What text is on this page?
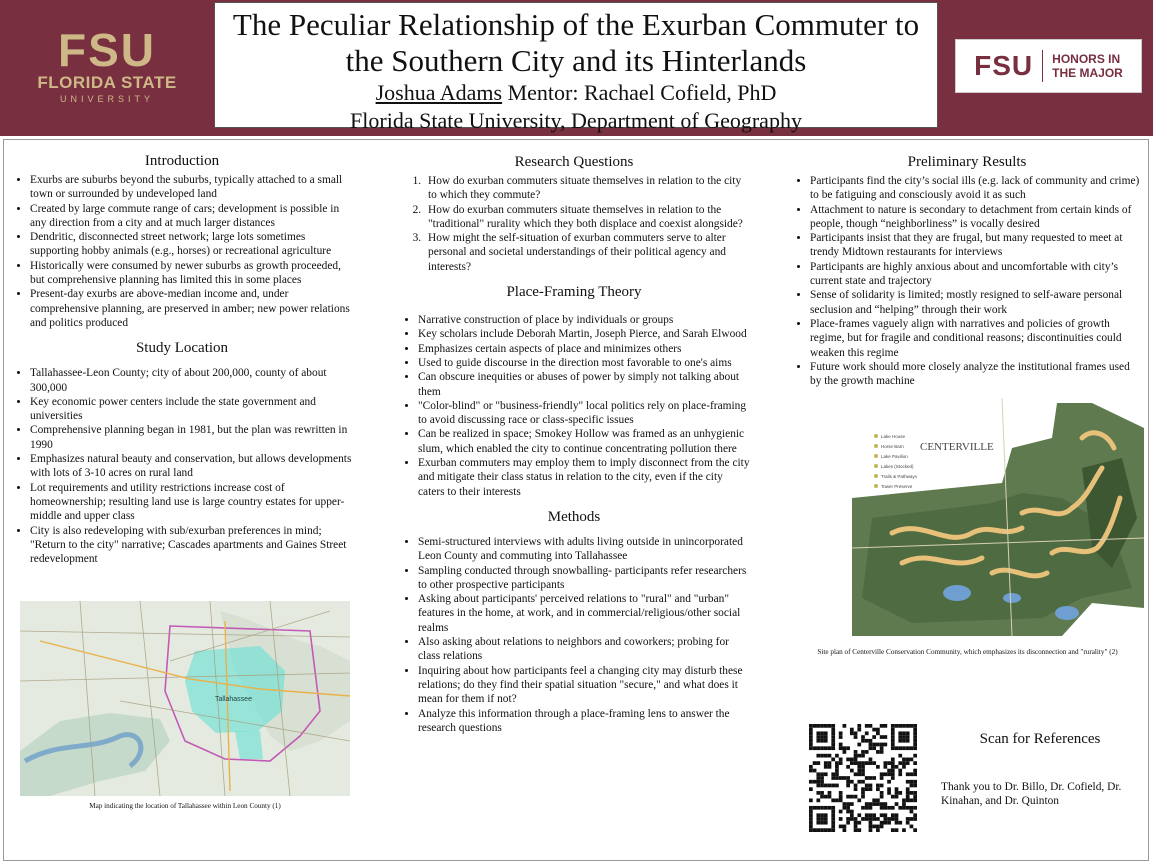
FSU
FLORIDA STATE
UNIVERSITY
The Peculiar Relationship of the Exurban Commuter to
the Southern City and its Hinterlands
Joshua Adams Mentor: Rachael Cofield, PhD
Florida State University, Department of Geography
FSU HONORS IN
THE MAJOR
Introduction
• Exurbs are suburbs beyond the suburbs, typically attached to a small town or surrounded by undeveloped land
• Created by large commute range of cars; development is possible in any direction from a city and at much larger distances
• Dendritic, disconnected street network; large lots sometimes supporting hobby animals (e.g., horses) or recreational agriculture
• Historically were consumed by newer suburbs as growth proceeded, but comprehensive planning has limited this in some places
• Present-day exurbs are above-median income and, under comprehensive planning, are preserved in amber; new power relations and politics produced
Study Location
• Tallahassee-Leon County; city of about 200,000, county of about 300,000
• Key economic power centers include the state government and universities
• Comprehensive planning began in 1981, but the plan was rewritten in 1990
• Emphasizes natural beauty and conservation, but allows developments with lots of 3-10 acres on rural land
• Lot requirements and utility restrictions increase cost of homeownership; resulting land use is large country estates for upper-middle and upper class
• City is also redeveloping with sub/exurban preferences in mind; "Return to the city" narrative; Cascades apartments and Gaines Street redevelopment
Tallahassee
Map indicating the location of Tallahassee within Leon County (1)
Research Questions
1. How do exurban commuters situate themselves in relation to the city to which they commute?
2. How do exurban commuters situate themselves in relation to the "traditional" rurality which they both displace and coexist alongside?
3. How might the self-situation of exurban commuters serve to alter personal and societal understandings of their political agency and interests?
Place-Framing Theory
• Narrative construction of place by individuals or groups
• Key scholars include Deborah Martin, Joseph Pierce, and Sarah Elwood
• Emphasizes certain aspects of place and minimizes others
• Used to guide discourse in the direction most favorable to one's aims
• Can obscure inequities or abuses of power by simply not talking about them
• "Color-blind" or "business-friendly" local politics rely on place-framing to avoid discussing race or class-specific issues
• Can be realized in space; Smokey Hollow was framed as an unhygienic slum, which enabled the city to continue concentrating pollution there
• Exurban commuters may employ them to imply disconnect from the city and mitigate their class status in relation to the city, even if the city caters to their interests
Methods
• Semi-structured interviews with adults living outside in unincorporated Leon County and commuting into Tallahassee
• Sampling conducted through snowballing- participants refer researchers to other prospective participants
• Asking about participants' perceived relations to "rural" and "urban" features in the home, at work, and in commercial/religious/other social realms
• Also asking about relations to neighbors and coworkers; probing for class relations
• Inquiring about how participants feel a changing city may disturb these relations; do they find their spatial situation "secure," and what does it mean for them if not?
• Analyze this information through a place-framing lens to answer the research questions
Preliminary Results
• Participants find the city’s social ills (e.g. lack of community and crime) to be fatiguing and consciously avoid it as such
• Attachment to nature is secondary to detachment from certain kinds of people, though “neighborliness” is vocally desired
• Participants insist that they are frugal, but many requested to meet at trendy Midtown restaurants for interviews
• Participants are highly anxious about and uncomfortable with city’s current state and trajectory
• Sense of solidarity is limited; mostly resigned to self-aware personal seclusion and “helping” through their work
• Place-frames vaguely align with narratives and policies of growth regime, but for fragile and conditional reasons; discontinuities could weaken this regime
• Future work should more closely analyze the institutional frames used by the growth machine
Lake House
Horse Barn
Lake Pavilion
Lakes (Stocked)
Trails & Pathways
Tower Preserve
CENTERVILLE
Site plan of Centerville Conservation Community, which emphasizes its disconnection and "rurality" (2)
Scan for References
Thank you to Dr. Billo, Dr. Cofield, Dr. Kinahan, and Dr. Quinton
